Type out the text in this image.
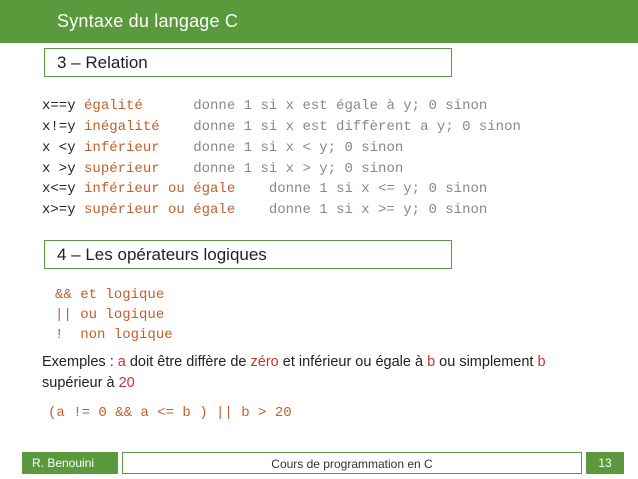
Syntaxe du langage C
3 – Relation
x==y égalité      donne 1 si x est égale à y; 0 sinon
x!=y inégalité    donne 1 si x est diffèrent a y; 0 sinon
x <y inférieur    donne 1 si x < y; 0 sinon
x >y supérieur    donne 1 si x > y; 0 sinon
x<=y inférieur ou égale    donne 1 si x <= y; 0 sinon
x>=y supérieur ou égale    donne 1 si x >= y; 0 sinon
4 – Les opérateurs logiques
&& et logique
|| ou logique
!  non logique
Exemples : a doit être diffère de zéro et inférieur ou égale à b ou simplement b supérieur à 20
(a != 0 && a <= b ) || b > 20
R. Benouini	Cours de programmation en C	13
